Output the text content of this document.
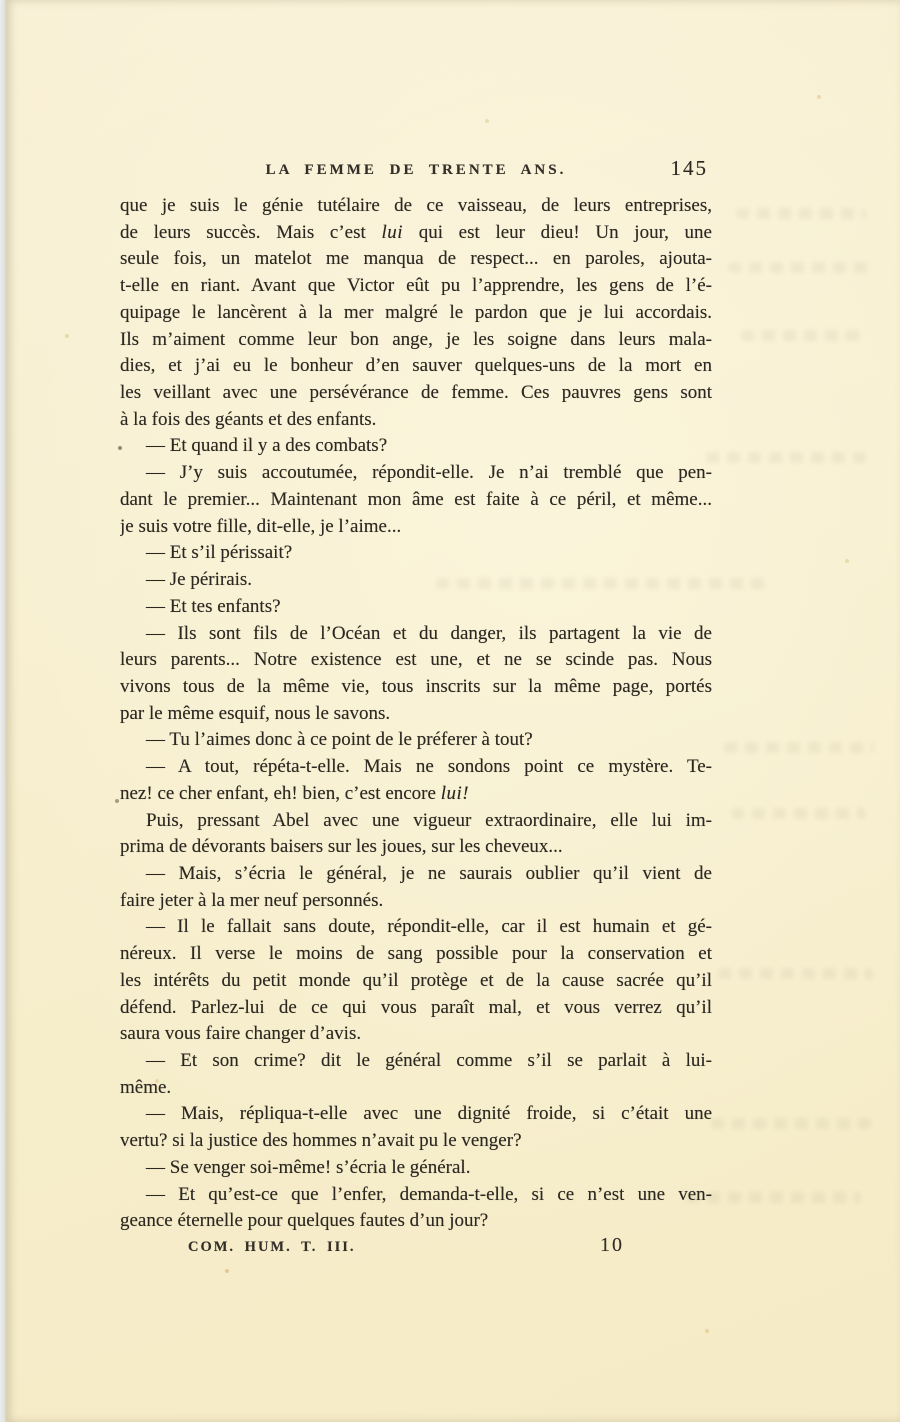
LA FEMME DE TRENTE ANS.	145
que je suis le génie tutélaire de ce vaisseau, de leurs entreprises,
de leurs succès. Mais c’est lui qui est leur dieu! Un jour, une
seule fois, un matelot me manqua de respect... en paroles, ajouta-
t-elle en riant. Avant que Victor eût pu l’apprendre, les gens de l’é-
quipage le lancèrent à la mer malgré le pardon que je lui accordais.
Ils m’aiment comme leur bon ange, je les soigne dans leurs mala-
dies, et j’ai eu le bonheur d’en sauver quelques-uns de la mort en
les veillant avec une persévérance de femme. Ces pauvres gens sont
à la fois des géants et des enfants.
— Et quand il y a des combats?
— J’y suis accoutumée, répondit-elle. Je n’ai tremblé que pen-
dant le premier... Maintenant mon âme est faite à ce péril, et même...
je suis votre fille, dit-elle, je l’aime...
— Et s’il périssait?
— Je périrais.
— Et tes enfants?
— Ils sont fils de l’Océan et du danger, ils partagent la vie de
leurs parents... Notre existence est une, et ne se scinde pas. Nous
vivons tous de la même vie, tous inscrits sur la même page, portés
par le même esquif, nous le savons.
— Tu l’aimes donc à ce point de le préferer à tout?
— A tout, répéta-t-elle. Mais ne sondons point ce mystère. Te-
nez! ce cher enfant, eh! bien, c’est encore lui!
Puis, pressant Abel avec une vigueur extraordinaire, elle lui im-
prima de dévorants baisers sur les joues, sur les cheveux...
— Mais, s’écria le général, je ne saurais oublier qu’il vient de
faire jeter à la mer neuf personnés.
— Il le fallait sans doute, répondit-elle, car il est humain et gé-
néreux. Il verse le moins de sang possible pour la conservation et
les intérêts du petit monde qu’il protège et de la cause sacrée qu’il
défend. Parlez-lui de ce qui vous paraît mal, et vous verrez qu’il
saura vous faire changer d’avis.
— Et son crime? dit le général comme s’il se parlait à lui-
même.
— Mais, répliqua-t-elle avec une dignité froide, si c’était une
vertu? si la justice des hommes n’avait pu le venger?
— Se venger soi-même! s’écria le général.
— Et qu’est-ce que l’enfer, demanda-t-elle, si ce n’est une ven-
geance éternelle pour quelques fautes d’un jour?
COM. HUM. T. III.	10
